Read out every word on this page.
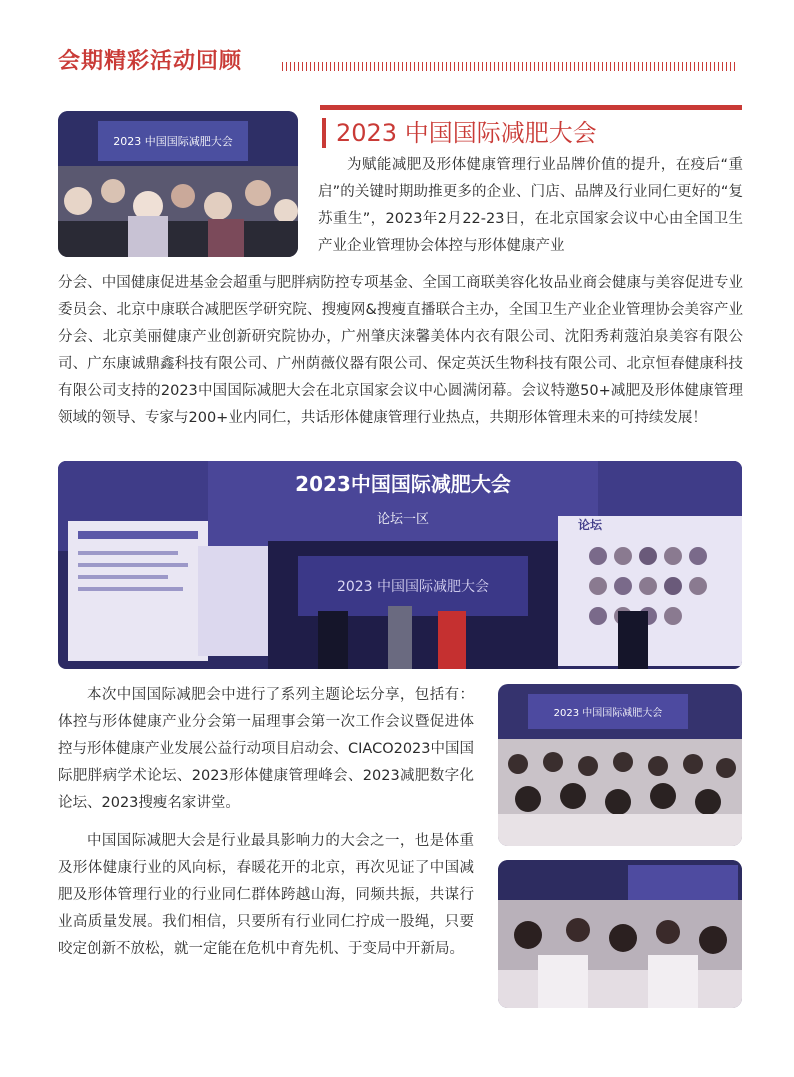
会期精彩活动回顾
2023 中国国际减肥大会	2023 中国国际减肥大会

为赋能减肥及形体健康管理行业品牌价值的提升，在疫后“重启”的关键时期助推更多的企业、门店、品牌及行业同仁更好的“复苏重生”，2023年2月22-23日，在北京国家会议中心由全国卫生产业企业管理协会体控与形体健康产业

分会、中国健康促进基金会超重与肥胖病防控专项基金、全国工商联美容化妆品业商会健康与美容促进专业委员会、北京中康联合减肥医学研究院、搜瘦网&搜瘦直播联合主办，全国卫生产业企业管理协会美容产业分会、北京美丽健康产业创新研究院协办，广州肇庆涞馨美体内衣有限公司、沈阳秀莉蔻泊泉美容有限公司、广东康诚鼎鑫科技有限公司、广州荫薇仪器有限公司、保定英沃生物科技有限公司、北京恒春健康科技有限公司支持的2023中国国际减肥大会在北京国家会议中心圆满闭幕。会议特邀50+减肥及形体健康管理领域的领导、专家与200+业内同仁，共话形体健康管理行业热点，共期形体管理未来的可持续发展！

2023中国国际减肥大会
论坛一区
2023 中国国际减肥大会
论坛

本次中国国际减肥会中进行了系列主题论坛分享，包括有：体控与形体健康产业分会第一届理事会第一次工作会议暨促进体控与形体健康产业发展公益行动项目启动会、CIACO2023中国国际肥胖病学术论坛、2023形体健康管理峰会、2023减肥数字化论坛、2023搜瘦名家讲堂。

2023 中国国际减肥大会

中国国际减肥大会是行业最具影响力的大会之一，也是体重及形体健康行业的风向标，春暖花开的北京，再次见证了中国减肥及形体管理行业的行业同仁群体跨越山海，同频共振，共谋行业高质量发展。我们相信，只要所有行业同仁拧成一股绳，只要咬定创新不放松，就一定能在危机中育先机、于变局中开新局。
